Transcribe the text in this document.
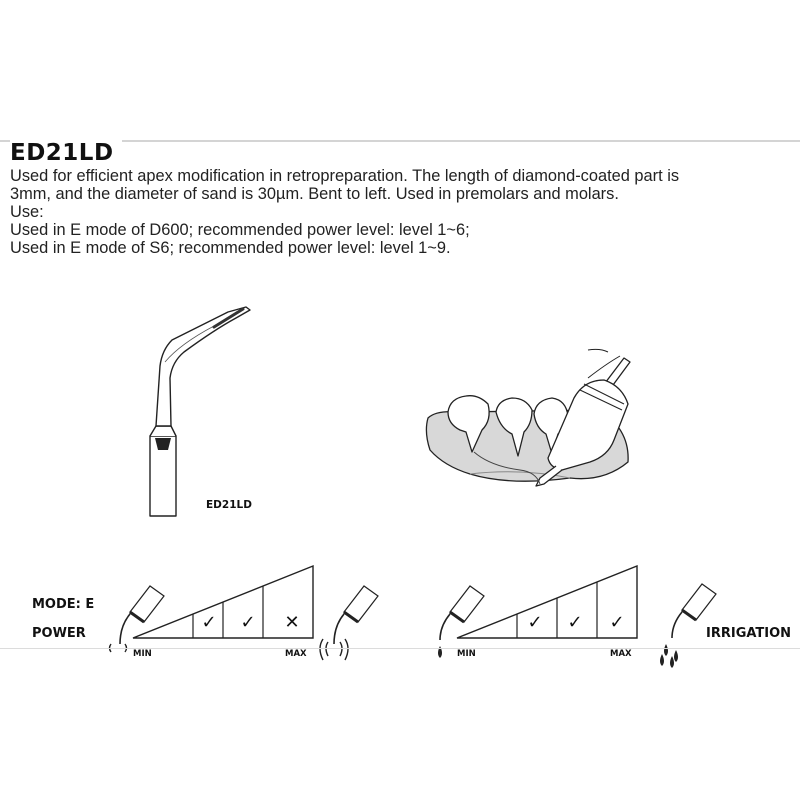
ED21LD

Used for efficient apex modification in retropreparation. The length of diamond-coated part is
3mm, and the diameter of sand is 30µm. Bent to left. Used in premolars and molars.
Use:
Used in E mode of D600; recommended power level: level 1~6;
Used in E mode of S6; recommended power level: level 1~9.

ED21LD
MODE: E
POWER
MIN	MAX
✓	✓	✕
IRRIGATION
MIN	MAX
✓	✓	✓
